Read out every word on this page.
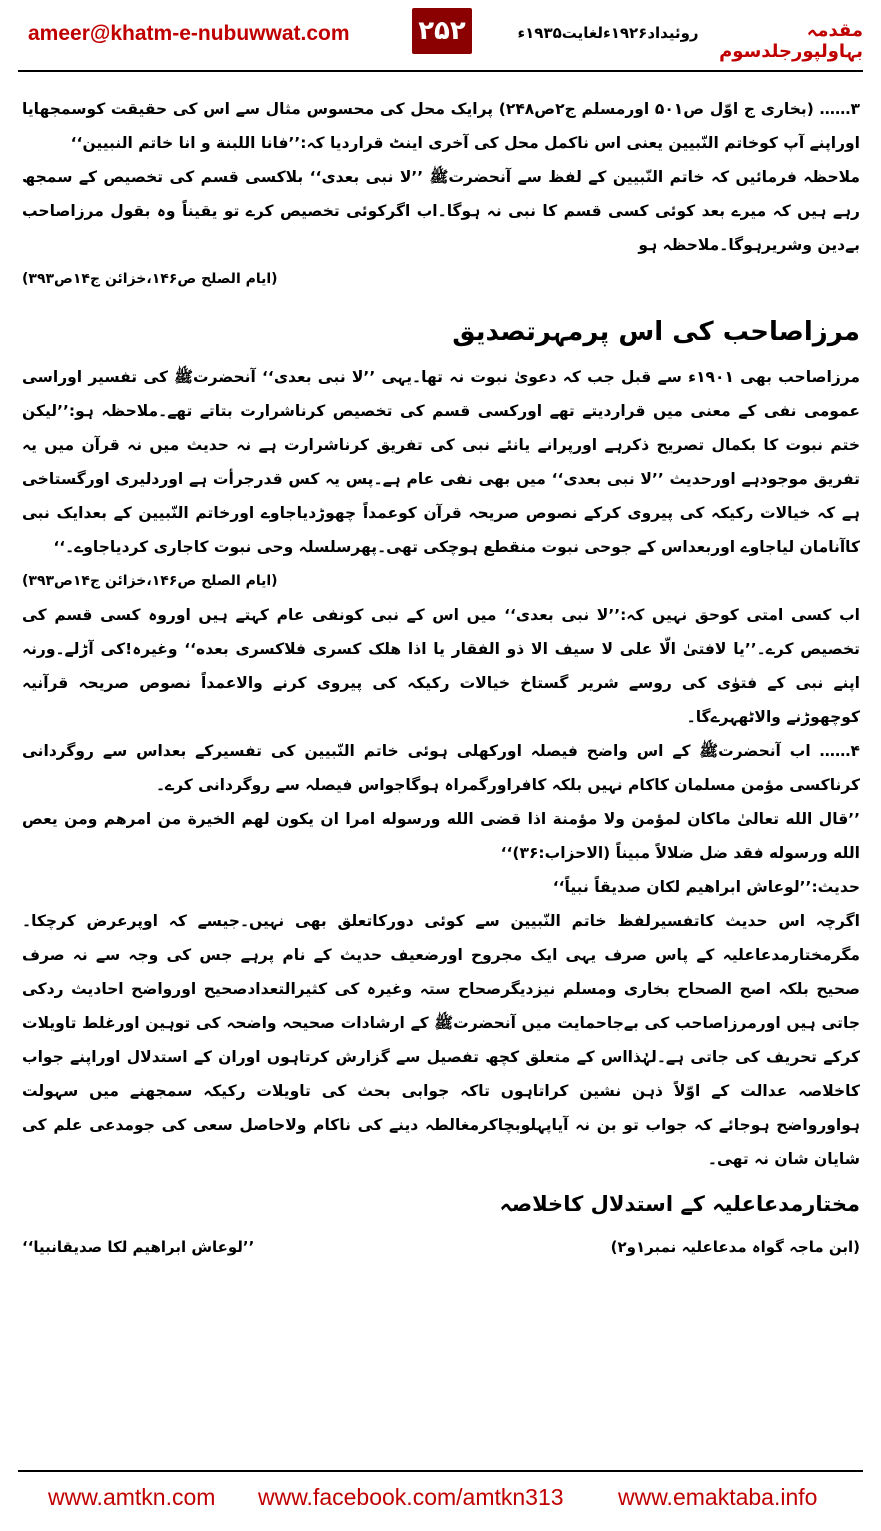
ameer@khatm-e-nubuwwat.com	۲۵۲	روئیداد۱۹۲۶ءلغایت۱۹۳۵ء	مقدمہ بہاولپورجلدسوم

۳…… (بخاری ج اوّل ص۵۰۱ اورمسلم ج۲ص۲۴۸) پرایک محل کی محسوس مثال سے اس کی حقیقت کوسمجھایا اوراپنے آپ کوخاتم النّبیین یعنی اس ناکمل محل کی آخری اینٹ قراردیا کہ:’’فانا اللبنة و انا خاتم النبیین‘‘

ملاحظہ فرمائیں کہ خاتم النّبیین کے لفظ سے آنحضرتﷺ ’’لا نبی بعدی‘‘ بلاکسی قسم کی تخصیص کے سمجھ رہے ہیں کہ میرے بعد کوئی کسی قسم کا نبی نہ ہوگا۔اب اگرکوئی تخصیص کرے تو یقیناً وہ بقول مرزاصاحب بےدین وشریرہوگا۔ملاحظہ ہو

(ایام الصلح ص۱۴۶،خزائن ج۱۴ص۳۹۳)
مرزاصاحب کی اس پرمہرتصدیق

مرزاصاحب بھی ۱۹۰۱ء سے قبل جب کہ دعویٰ نبوت نہ تھا۔یہی ’’لا نبی بعدی‘‘ آنحضرتﷺ کی تفسیر اوراسی عمومی نفی کے معنی میں قراردیتے تھے اورکسی قسم کی تخصیص کرناشرارت بتاتے تھے۔ملاحظہ ہو:’’لیکن ختم نبوت کا بکمال تصریح ذکرہے اورپرانے یانئے نبی کی تفریق کرناشرارت ہے نہ حدیث میں نہ قرآن میں یہ تفریق موجودہے اورحدیث ’’لا نبی بعدی‘‘ میں بھی نفی عام ہے۔پس یہ کس قدرجرأت ہے اوردلیری اورگستاخی ہے کہ خیالات رکیکہ کی پیروی کرکے نصوص صریحہ قرآن کوعمداً چھوڑدیاجاوے اورخاتم النّبیین کے بعدایک نبی کاآنامان لیاجاوے اوربعداس کے جوحی نبوت منقطع ہوچکی تھی۔پھرسلسلہ وحی نبوت کاجاری کردیاجاوے۔‘‘

(ایام الصلح ص۱۴۶،خزائن ج۱۴ص۳۹۳)

اب کسی امتی کوحق نہیں کہ:’’لا نبی بعدی‘‘ میں اس کے نبی کونفی عام کہتے ہیں اوروہ کسی قسم کی تخصیص کرے۔’’یا لافتیٰ الّا علی لا سیف الا ذو الفقار یا اذا هلک کسری فلاکسری بعده‘‘ وغیرہ!کی آڑلے۔ورنہ اپنے نبی کے فتوٰی کی روسے شریر گستاخ خیالات رکیکہ کی پیروی کرنے والاعمداً نصوص صریحہ قرآنیہ کوچھوڑنے والاٹھہرےگا۔

۴…… اب آنحضرتﷺ کے اس واضح فیصلہ اورکھلی ہوئی خاتم النّبیین کی تفسیرکے بعداس سے روگردانی کرناکسی مؤمن مسلمان کاکام نہیں بلکہ کافراورگمراہ ہوگاجواس فیصلہ سے روگردانی کرے۔

’’قال الله تعالیٰ ماکان لمؤمن ولا مؤمنة اذا قضی الله ورسوله امرا ان یکون لهم الخیرة من امرهم ومن یعص الله ورسوله فقد ضل ضلالاً مبیناً (الاحزاب:۳۶)‘‘

حدیث:’’لوعاش ابراهیم لکان صدیقاً نبیاً‘‘

اگرچہ اس حدیث کاتفسیرلفظ خاتم النّبیین سے کوئی دورکاتعلق بھی نہیں۔جیسے کہ اوپرعرض کرچکا۔مگرمختارمدعاعلیہ کے پاس صرف یہی ایک مجروح اورضعیف حدیث کے نام پرہے جس کی وجہ سے نہ صرف صحیح بلکہ اصح الصحاح بخاری ومسلم نیزدیگرصحاح ستہ وغیرہ کی کثیرالتعدادصحیح اورواضح احادیث ردکی جاتی ہیں اورمرزاصاحب کی بےجاحمایت میں آنحضرتﷺ کے ارشادات صحیحہ واضحہ کی توہین اورغلط تاویلات کرکے تحریف کی جاتی ہے۔لہٰذااس کے متعلق کچھ تفصیل سے گزارش کرتاہوں اوران کے استدلال اوراپنے جواب کاخلاصہ عدالت کے اوّلاً ذہن نشین کراتاہوں تاکہ جوابی بحث کی تاویلات رکیکہ سمجھنے میں سہولت ہواورواضح ہوجائے کہ جواب تو بن نہ آیاپہلوبچاکرمغالطہ دینے کی ناکام ولاحاصل سعی کی جومدعی علم کی شایان شان نہ تھی۔

مختارمدعاعلیہ کے استدلال کاخلاصہ
’’لوعاش ابراهیم لکا صدیقانبیا‘‘	(ابن ماجہ گواہ مدعاعلیہ نمبر۱و۲)
www.amtkn.com www.facebook.com/amtkn313 www.emaktaba.info
